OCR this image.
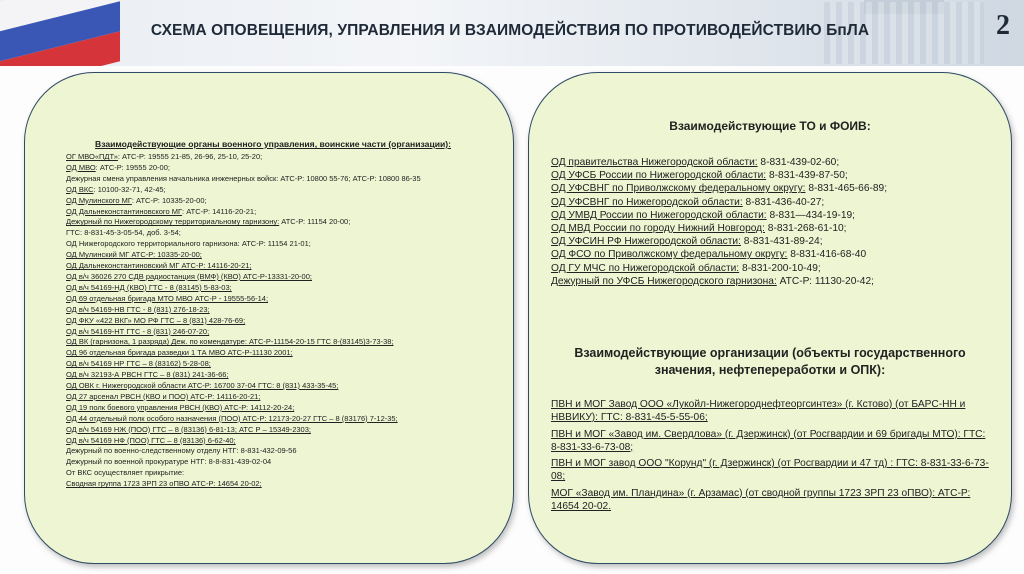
СХЕМА ОПОВЕЩЕНИЯ, УПРАВЛЕНИЯ И ВЗАИМОДЕЙСТВИЯ ПО ПРОТИВОДЕЙСТВИЮ БпЛА	2
Взаимодействующие органы военного управления, воинские части (организации):
ОГ МВО«ПДТ»: АТС-Р: 19555 21-85, 26-96, 25-10, 25-20;
ОД МВО: АТС-Р: 19555 20-00;
Дежурная смена управления начальника инженерных войск: АТС-Р: 10800 55-76; АТС-Р: 10800 86-35
ОД ВКС: 10100-32-71, 42-45;
ОД Мулинского МГ: АТС-Р: 10335-20-00;
ОД Дальнеконстантиновского МГ: АТС-Р: 14116-20-21;
Дежурный по Нижегородскому территориальному гарнизону: АТС-Р: 11154 20-00;
ГТС: 8-831-45-3-05-54, доб. 3-54;
ОД Нижегородского территориального гарнизона: АТС-Р: 11154 21-01;
ОД Мулинский МГ АТС-Р: 10335-20-00;
ОД Дальнеконстантиновский МГ АТС-Р: 14116-20-21;
ОД в/ч 36026 270 СДВ радиостанция (ВМФ) (КВО) АТС-Р-13331-20-00;
ОД в/ч 54169-НД (КВО) ГТС - 8 (83145) 5-83-03;
ОД 69 отдельная бригада МТО МВО АТС-Р - 19555-56-14;
ОД в/ч 54169-НВ ГТС - 8 (831) 276-18-23;
ОД ФКУ «422 ВКГ» МО РФ ГТС – 8 (831) 428-76-69;
ОД в/ч 54169-НТ ГТС - 8 (831) 246-07-20;
ОД ВК (гарнизона, 1 разряда) Деж. по комендатуре: АТС-Р-11154-20-15 ГТС 8-(83145)3-73-38;
ОД 96 отдельная бригада разведки 1 ТА МВО АТС-Р-11130 2001;
ОД в/ч 54169 НР ГТС – 8 (83162) 5-28-08;
ОД в/ч 32193-А РВСН ГТС – 8 (831) 241-36-66;
ОД ОВК г. Нижегородской области АТС-Р: 16700 37-04 ГТС: 8 (831) 433-35-45;
ОД 27 арсенал РВСН (КВО и ПОО) АТС-Р: 14116-20-21;
ОД 19 полк боевого управления РВСН (КВО) АТС-Р: 14112-20-24;
ОД 44 отдельный полк особого назначения (ПОО) АТС-Р: 12173-20-27 ГТС – 8 (83176) 7-12-35;
ОД в/ч 54169 НЖ (ПОО) ГТС – 8 (83136) 6-81-13; АТС Р – 15349-2303;
ОД в/ч 54169 НФ (ПОО) ГТС – 8 (83136) 6-62-40;
Дежурный по военно-следственному отделу НТГ: 8-831-432-09-56
Дежурный по военной прокуратуре НТГ: 8-8-831-439-02-04
От ВКС осуществляет прикрытие:
Сводная группа 1723 ЗРП 23 оПВО АТС-Р: 14654 20-02;
Взаимодействующие ТО и ФОИВ:
ОД правительства Нижегородской области: 8-831-439-02-60;
ОД УФСБ России по Нижегородской области: 8-831-439-87-50;
ОД УФСВНГ по Приволжскому федеральному округу: 8-831-465-66-89;
ОД УФСВНГ по Нижегородской области: 8-831-436-40-27;
ОД УМВД России по Нижегородской области: 8-831—434-19-19;
ОД МВД России по городу Нижний Новгород: 8-831-268-61-10;
ОД УФСИН РФ Нижегородской области: 8-831-431-89-24;
ОД ФСО по Приволжскому федеральному округу: 8-831-416-68-40
ОД ГУ МЧС по Нижегородской области: 8-831-200-10-49;
Дежурный по УФСБ Нижегородского гарнизона: АТС-Р: 11130-20-42;
Взаимодействующие организации (объекты государственного значения, нефтепереработки и ОПК):
ПВН и МОГ Завод ООО «Лукойл-Нижегороднефтеоргсинтез» (г. Кстово) (от БАРС-НН и НВВИКУ): ГТС: 8-831-45-5-55-06;
ПВН и МОГ «Завод им. Свердлова» (г. Дзержинск) (от Росгвардии и 69 бригады МТО): ГТС: 8-831-33-6-73-08;
ПВН и МОГ завод ООО "Корунд" (г. Дзержинск) (от Росгвардии и 47 тд) : ГТС: 8-831-33-6-73-08;
МОГ «Завод им. Пландина» (г. Арзамас) (от сводной группы 1723 ЗРП 23 оПВО): АТС-Р: 14654 20-02.
